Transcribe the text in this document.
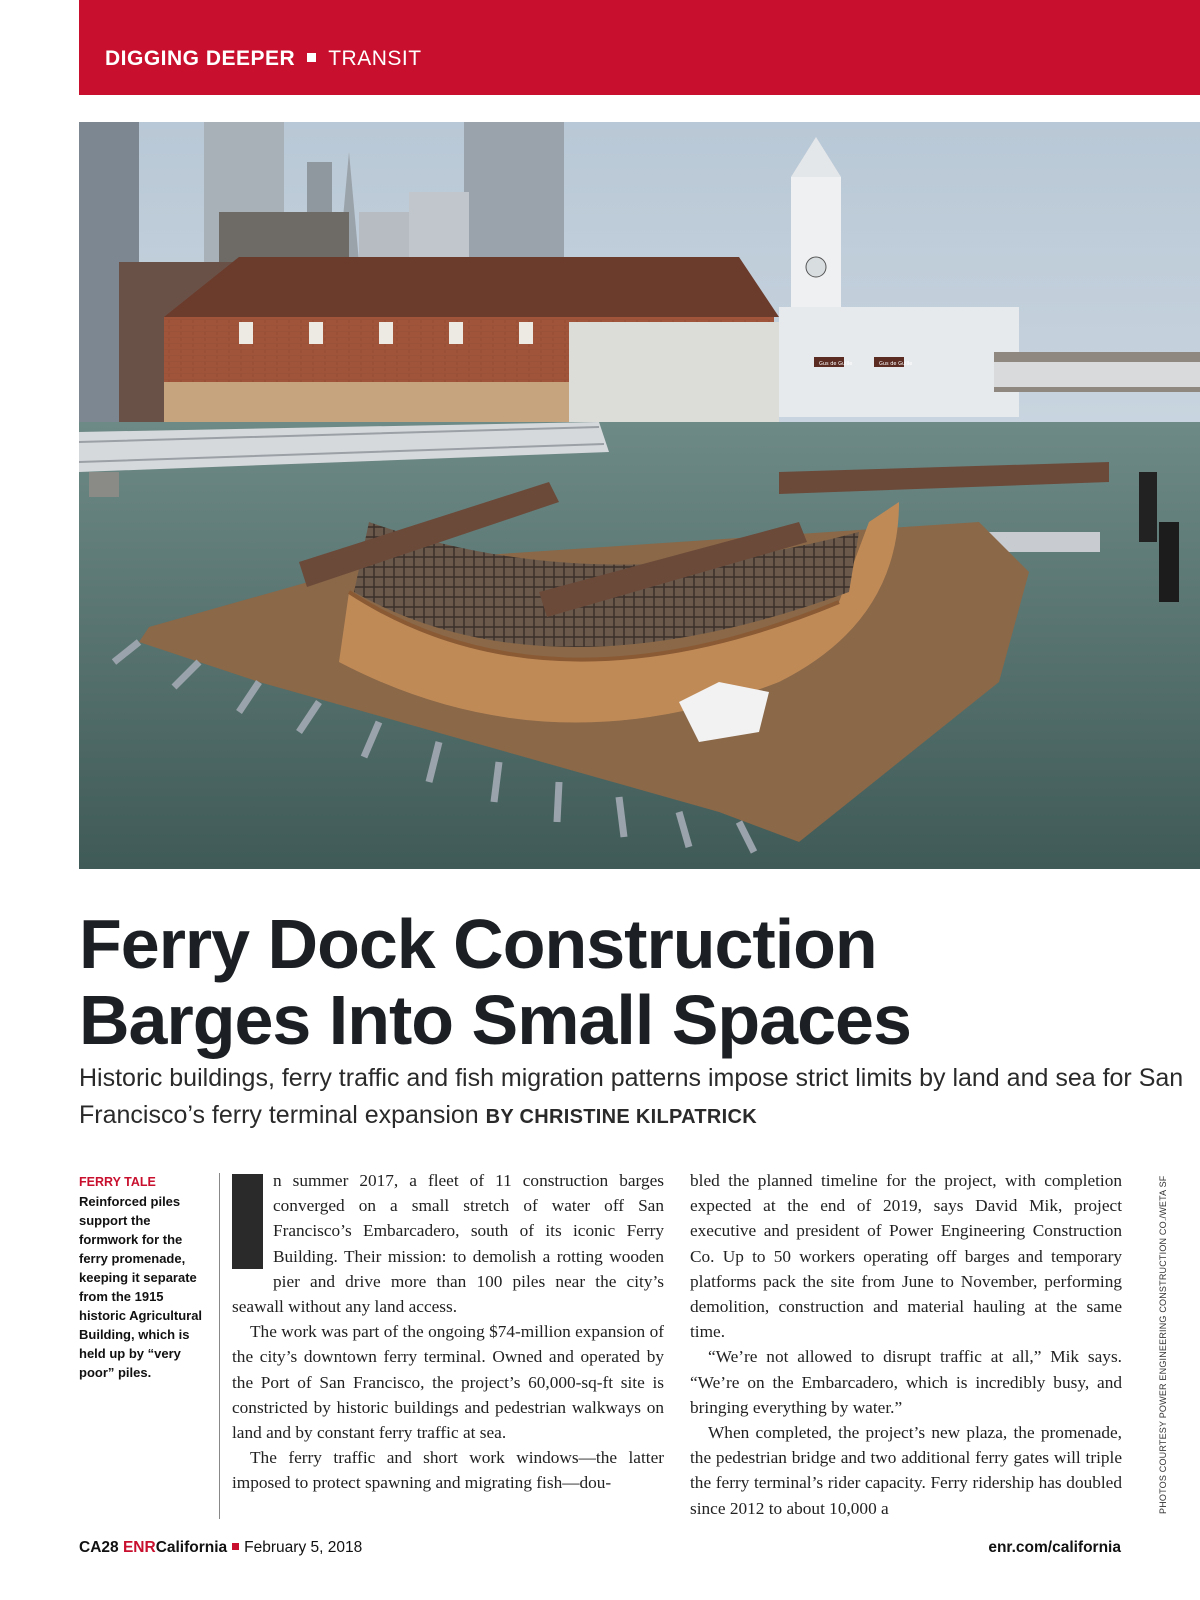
DIGGING DEEPER TRANSIT
Gus de Guille	Gus de Guille
Ferry Dock Construction
Barges Into Small Spaces
Historic buildings, ferry traffic and fish migration patterns impose strict limits by land and sea for San Francisco’s ferry terminal expansion BY CHRISTINE KILPATRICK
FERRY TALE
Reinforced piles support the formwork for the ferry promenade, keeping it separate from the 1915 historic Agricultural Building, which is held up by “very poor” piles.

n summer 2017, a fleet of 11 construction barges converged on a small stretch of water off San Francisco’s Embarcadero, south of its iconic Ferry Building. Their mission: to demolish a rotting wooden pier and drive more than 100 piles near the city’s seawall without any land access.

The work was part of the ongoing $74-million expansion of the city’s downtown ferry terminal. Owned and operated by the Port of San Francisco, the project’s 60,000-sq-ft site is constricted by historic buildings and pedestrian walkways on land and by constant ferry traffic at sea.

The ferry traffic and short work windows—the latter imposed to protect spawning and migrating fish—dou-

bled the planned timeline for the project, with completion expected at the end of 2019, says David Mik, project executive and president of Power Engineering Construction Co. Up to 50 workers operating off barges and temporary platforms pack the site from June to November, performing demolition, construction and material hauling at the same time.

“We’re not allowed to disrupt traffic at all,” Mik says. “We’re on the Embarcadero, which is incredibly busy, and bringing everything by water.”

When completed, the project’s new plaza, the promenade, the pedestrian bridge and two additional ferry gates will triple the ferry terminal’s rider capacity. Ferry ridership has doubled since 2012 to about 10,000 a	PHOTOS COURTESY POWER ENGINEERING CONSTRUCTION CO./WETA SF
CA28 ENRCalifornia February 5, 2018	enr.com/california
